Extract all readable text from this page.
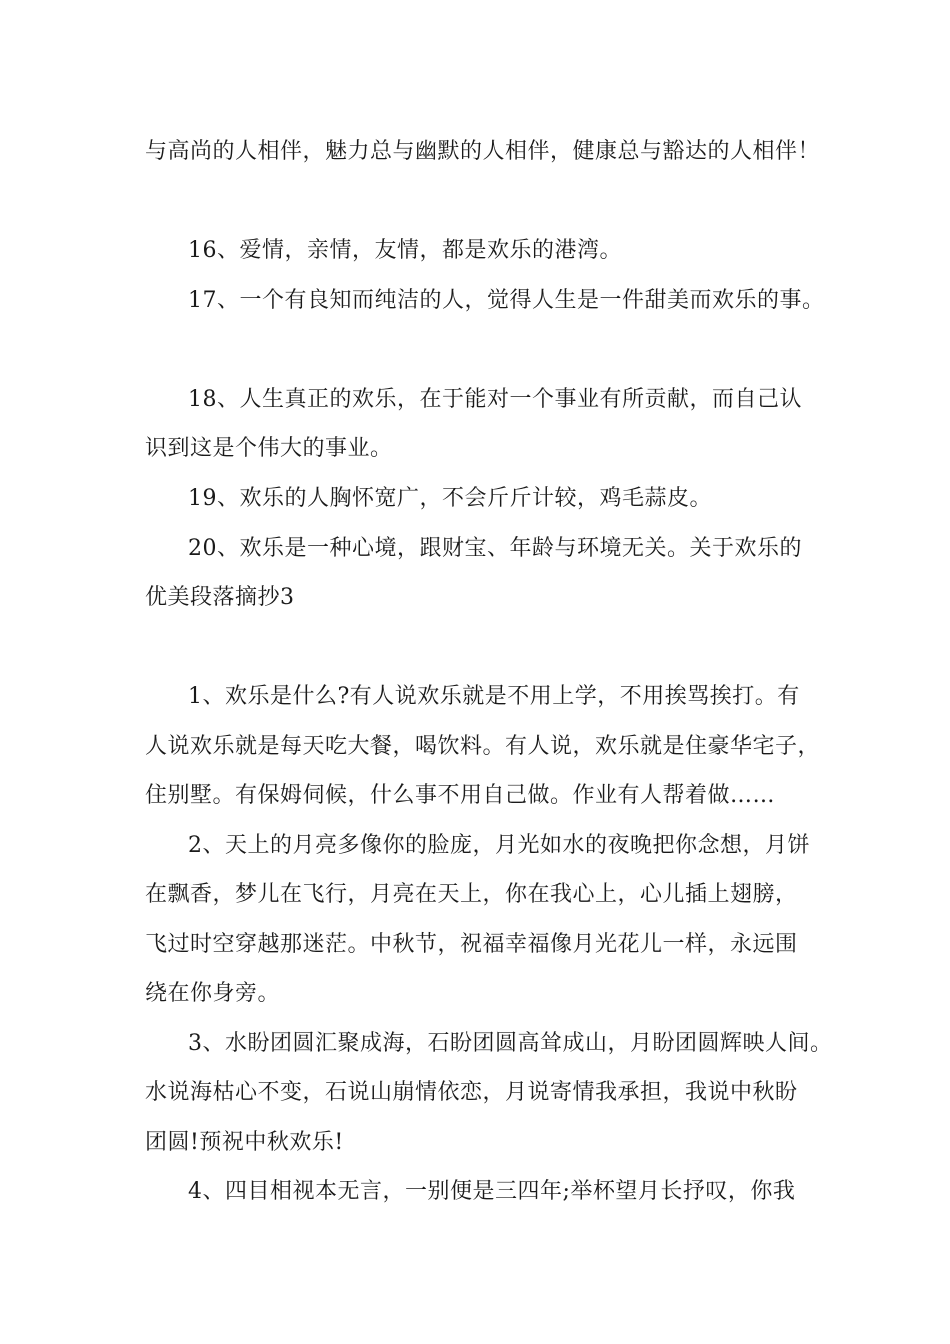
与高尚的人相伴，魅力总与幽默的人相伴，健康总与豁达的人相伴！
16、爱情，亲情，友情，都是欢乐的港湾。
17、一个有良知而纯洁的人，觉得人生是一件甜美而欢乐的事。
18、人生真正的欢乐，在于能对一个事业有所贡献，而自己认
识到这是个伟大的事业。
19、欢乐的人胸怀宽广，不会斤斤计较，鸡毛蒜皮。
20、欢乐是一种心境，跟财宝、年龄与环境无关。关于欢乐的
优美段落摘抄3
1、欢乐是什么?有人说欢乐就是不用上学，不用挨骂挨打。有
人说欢乐就是每天吃大餐，喝饮料。有人说，欢乐就是住豪华宅子，
住别墅。有保姆伺候，什么事不用自己做。作业有人帮着做……
2、天上的月亮多像你的脸庞，月光如水的夜晚把你念想，月饼
在飘香，梦儿在飞行，月亮在天上，你在我心上，心儿插上翅膀，
飞过时空穿越那迷茫。中秋节，祝福幸福像月光花儿一样，永远围
绕在你身旁。
3、水盼团圆汇聚成海，石盼团圆高耸成山，月盼团圆辉映人间。
水说海枯心不变，石说山崩情依恋，月说寄情我承担，我说中秋盼
团圆!预祝中秋欢乐!
4、四目相视本无言，一别便是三四年;举杯望月长抒叹，你我
